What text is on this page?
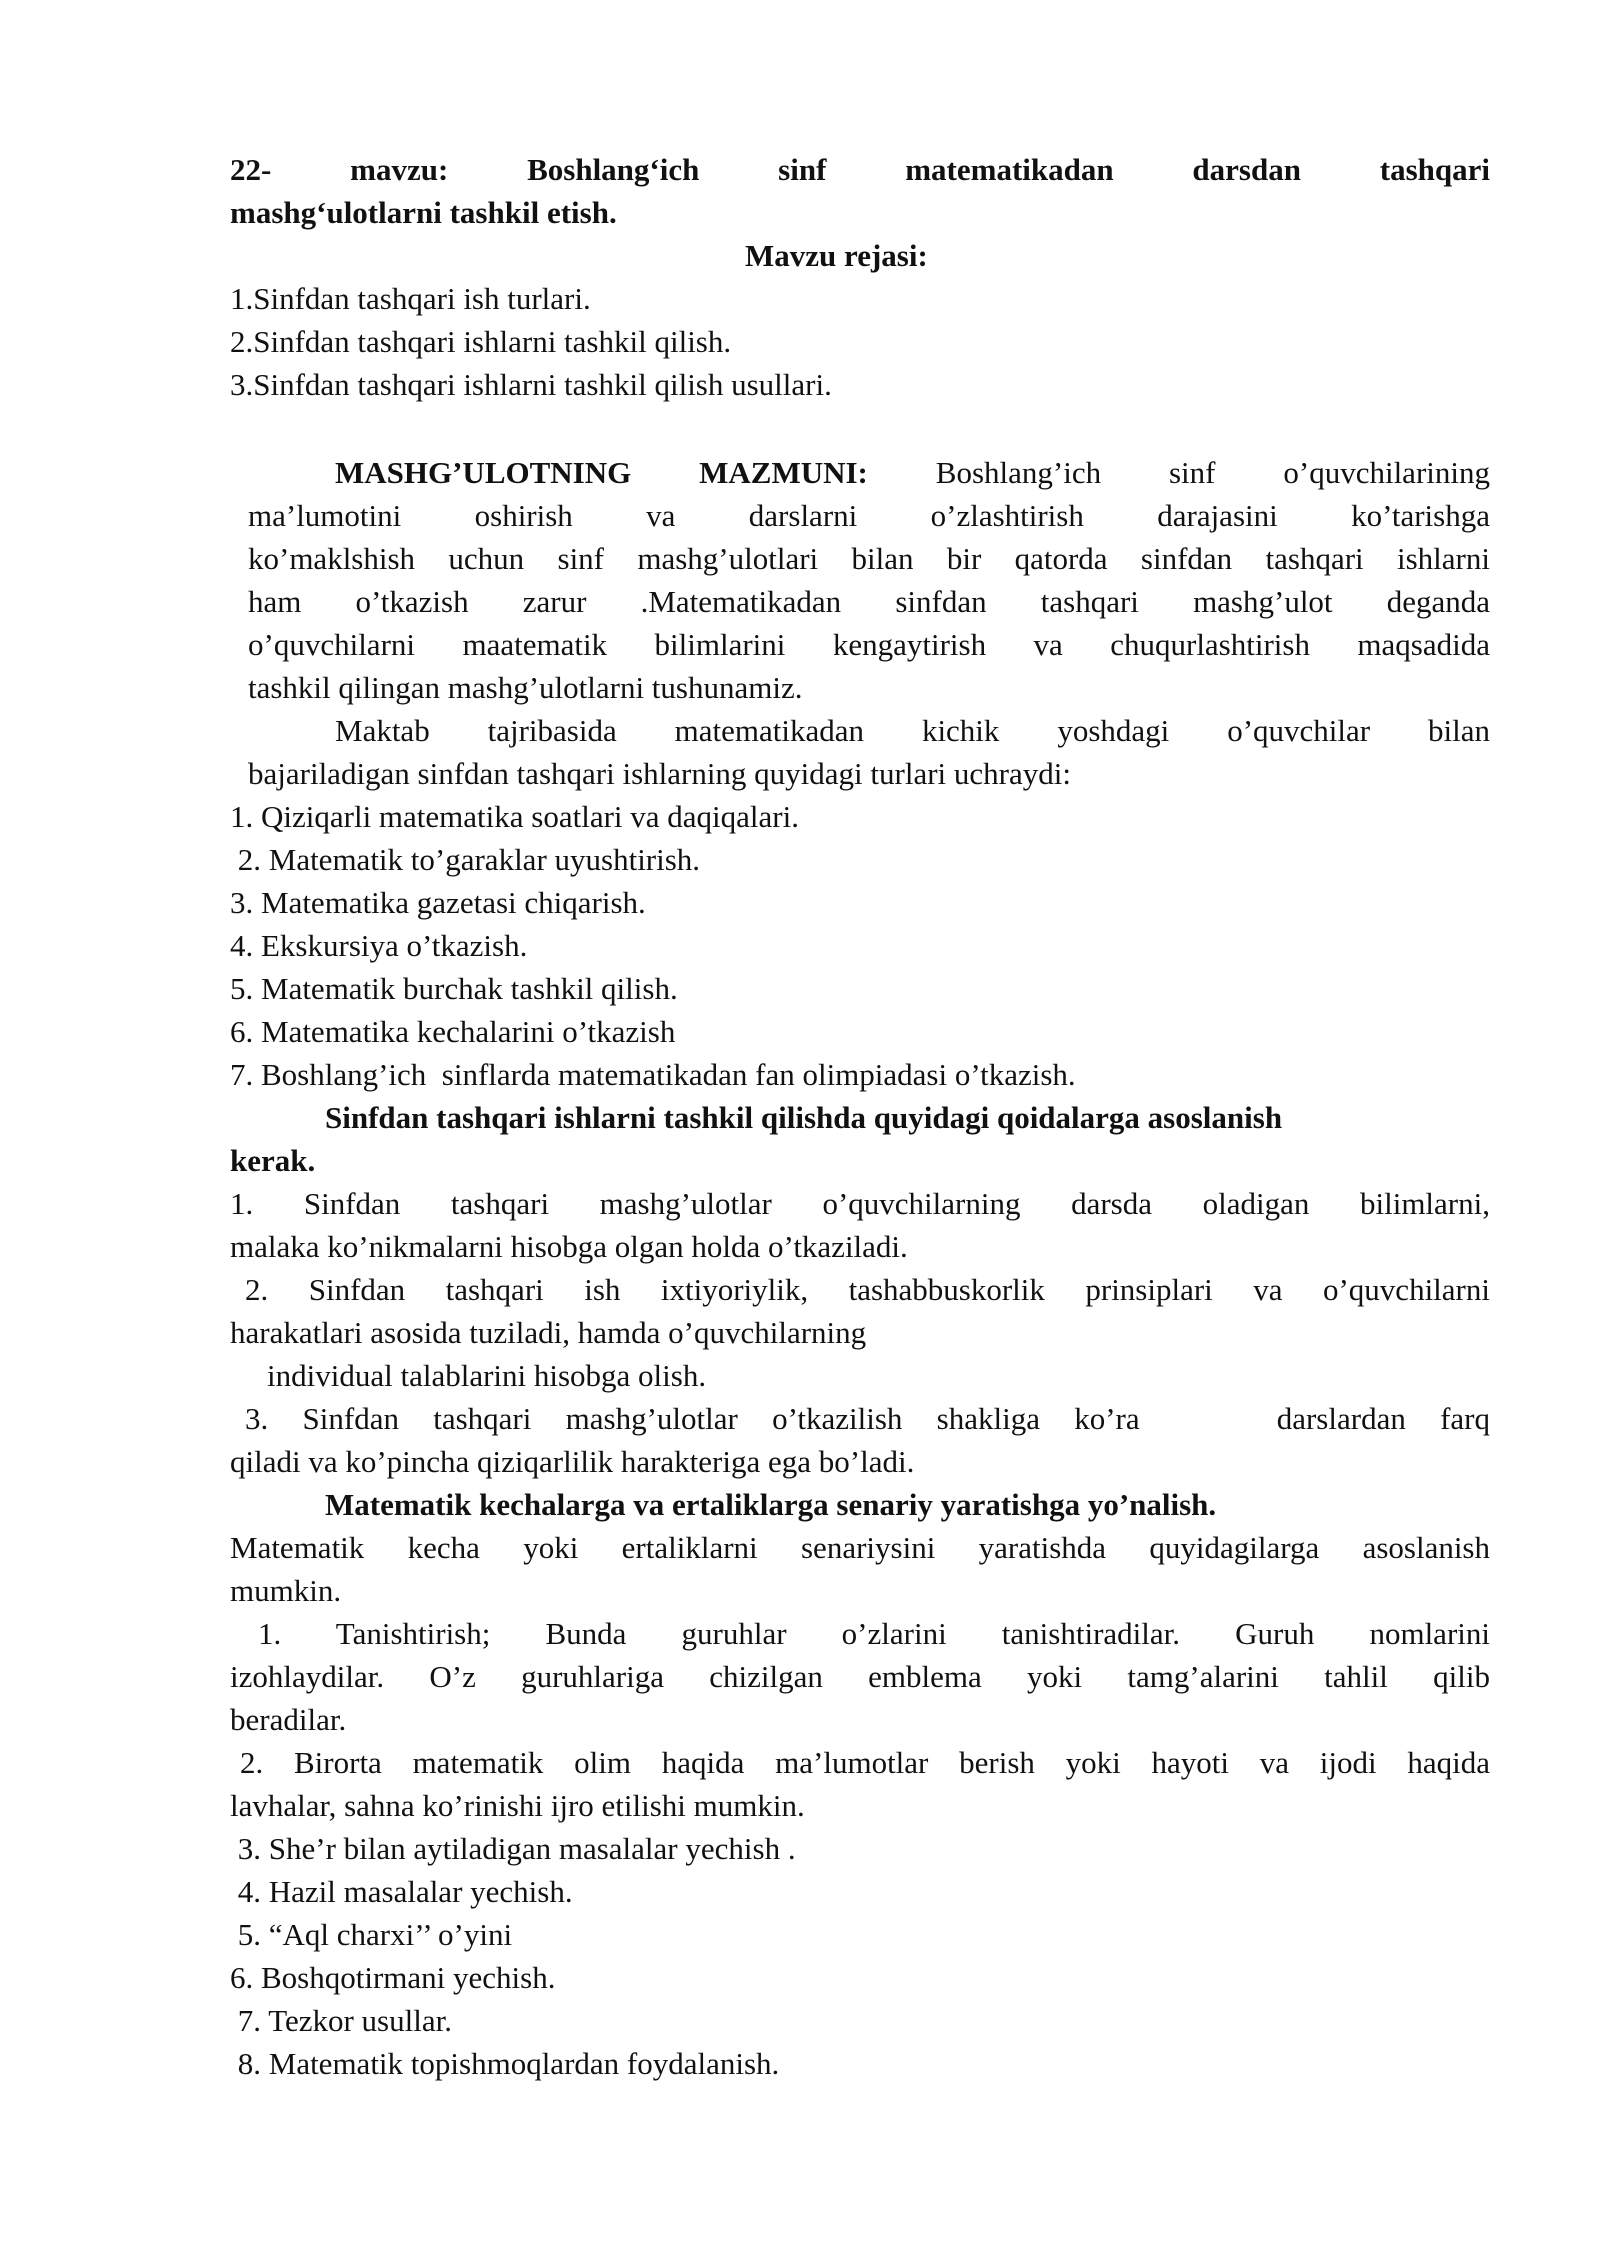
22- mavzu: Boshlang‘ich sinf matematikadan darsdan tashqari
mashg‘ulotlarni tashkil etish.
Mavzu rejasi:
1.Sinfdan tashqari ish turlari.
2.Sinfdan tashqari ishlarni tashkil qilish.
3.Sinfdan tashqari ishlarni tashkil qilish usullari.
MASHG’ULOTNING MAZMUNI: Boshlang’ich sinf o’quvchilarining
ma’lumotini oshirish va darslarni o’zlashtirish darajasini ko’tarishga
ko’maklshish uchun sinf mashg’ulotlari bilan bir qatorda sinfdan tashqari ishlarni
ham o’tkazish zarur .Matematikadan sinfdan tashqari mashg’ulot deganda
o’quvchilarni maatematik bilimlarini kengaytirish va chuqurlashtirish maqsadida
tashkil qilingan mashg’ulotlarni tushunamiz.
Maktab tajribasida matematikadan kichik yoshdagi o’quvchilar bilan
bajariladigan sinfdan tashqari ishlarning quyidagi turlari uchraydi:
1. Qiziqarli matematika soatlari va daqiqalari.
2. Matematik to’garaklar uyushtirish.
3. Matematika gazetasi chiqarish.
4. Ekskursiya o’tkazish.
5. Matematik burchak tashkil qilish.
6. Matematika kechalarini o’tkazish
7. Boshlang’ich  sinflarda matematikadan fan olimpiadasi o’tkazish.
Sinfdan tashqari ishlarni tashkil qilishda quyidagi qoidalarga asoslanish
kerak.
1. Sinfdan tashqari mashg’ulotlar o’quvchilarning darsda oladigan bilimlarni,
malaka ko’nikmalarni hisobga olgan holda o’tkaziladi.
2. Sinfdan tashqari ish ixtiyoriylik, tashabbuskorlik prinsiplari va o’quvchilarni
harakatlari asosida tuziladi, hamda o’quvchilarning
individual talablarini hisobga olish.
3. Sinfdan tashqari mashg’ulotlar o’tkazilish shakliga ko’ra    darslardan farq
qiladi va ko’pincha qiziqarlilik harakteriga ega bo’ladi.
Matematik kechalarga va ertaliklarga senariy yaratishga yo’nalish.
Matematik kecha yoki ertaliklarni senariysini yaratishda quyidagilarga asoslanish
mumkin.
1. Tanishtirish; Bunda guruhlar o’zlarini tanishtiradilar. Guruh nomlarini
izohlaydilar. O’z guruhlariga chizilgan emblema yoki tamg’alarini tahlil qilib
beradilar.
2. Birorta matematik olim haqida ma’lumotlar berish yoki hayoti va ijodi haqida
lavhalar, sahna ko’rinishi ijro etilishi mumkin.
3. She’r bilan aytiladigan masalalar yechish .
4. Hazil masalalar yechish.
5. “Aql charxi’’ o’yini
6. Boshqotirmani yechish.
7. Tezkor usullar.
8. Matematik topishmoqlardan foydalanish.
